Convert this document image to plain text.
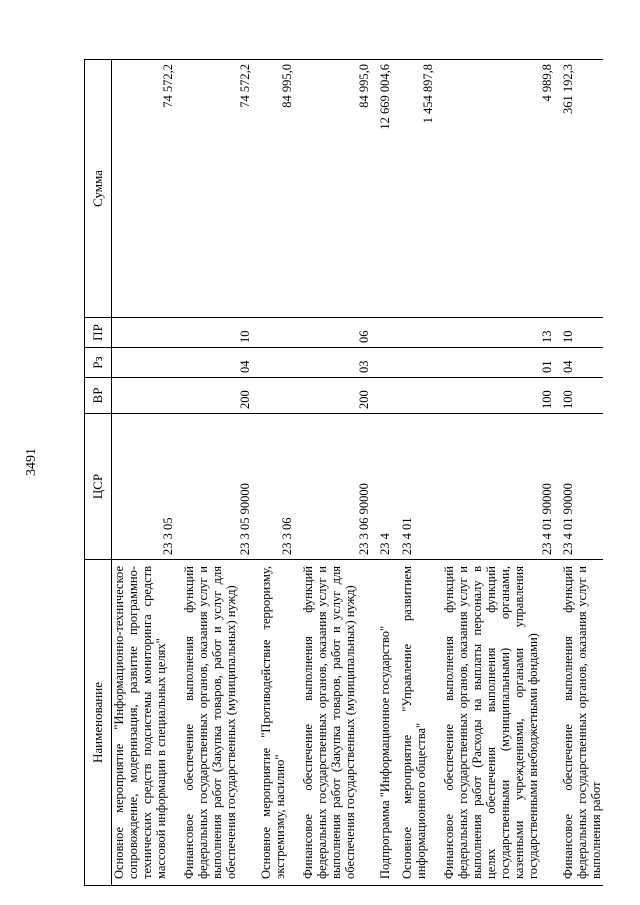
3491
Наименование	ЦСР	ВР	Рз	ПР	Сумма

Основное мероприятие "Информационно-техническое сопровождение, модернизация, развитие программно-технических средств подсистемы мониторинга средств массовой информации в специальных целях"	23 3 05				74 572,2

Финансовое обеспечение выполнения функций федеральных государственных органов, оказания услуг и выполнения работ (Закупка товаров, работ и услуг для обеспечения государственных (муниципальных) нужд)	23 3 05 90000	200	04	10	74 572,2

Основное мероприятие "Противодействие терроризму, экстремизму, насилию"	23 3 06				84 995,0

Финансовое обеспечение выполнения функций федеральных государственных органов, оказания услуг и выполнения работ (Закупка товаров, работ и услуг для обеспечения государственных (муниципальных) нужд)	23 3 06 90000	200	03	06	84 995,0

Подпрограмма "Информационное государство"	23 4				12 669 004,6

Основное мероприятие "Управление развитием информационного общества"	23 4 01				1 454 897,8

Финансовое обеспечение выполнения функций федеральных государственных органов, оказания услуг и выполнения работ (Расходы на выплаты персоналу в целях обеспечения выполнения функций государственными (муниципальными) органами, казенными учреждениями, органами управления государственными внебюджетными фондами)	23 4 01 90000	100	01	13	4 989,8

Финансовое обеспечение выполнения функций федеральных государственных органов, оказания услуг и выполнения работ	23 4 01 90000	100	04	10	361 192,3
